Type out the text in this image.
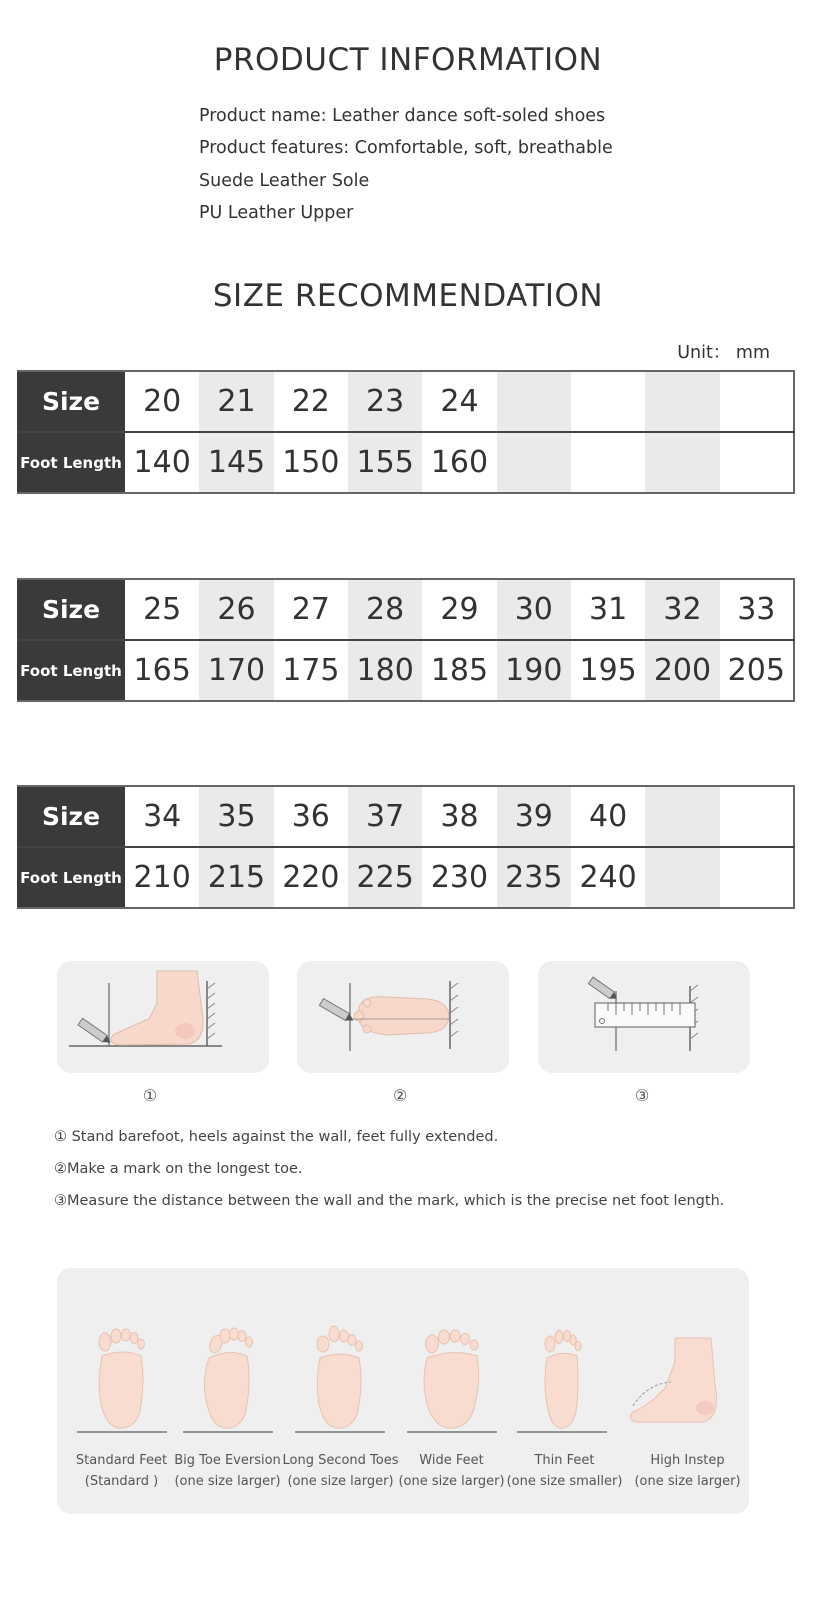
PRODUCT INFORMATION
Product name: Leather dance soft-soled shoes
Product features: Comfortable, soft, breathable
Suede Leather Sole
PU Leather Upper
SIZE RECOMMENDATION
Unit： mm
Size	20	21	22	23	24				
Foot Length	140	145	150	155	160				
Size	25	26	27	28	29	30	31	32	33
Foot Length	165	170	175	180	185	190	195	200	205
Size	34	35	36	37	38	39	40		
Foot Length	210	215	220	225	230	235	240		
①	②	③
① Stand barefoot, heels against the wall, feet fully extended.
②Make a mark on the longest toe.
③Measure the distance between the wall and the mark, which is the precise net foot length.
Standard Feet
(Standard )
Big Toe Eversion
(one size larger)
Long Second Toes
(one size larger)
Wide Feet
(one size larger)
Thin Feet
(one size smaller)
High Instep
(one size larger)
